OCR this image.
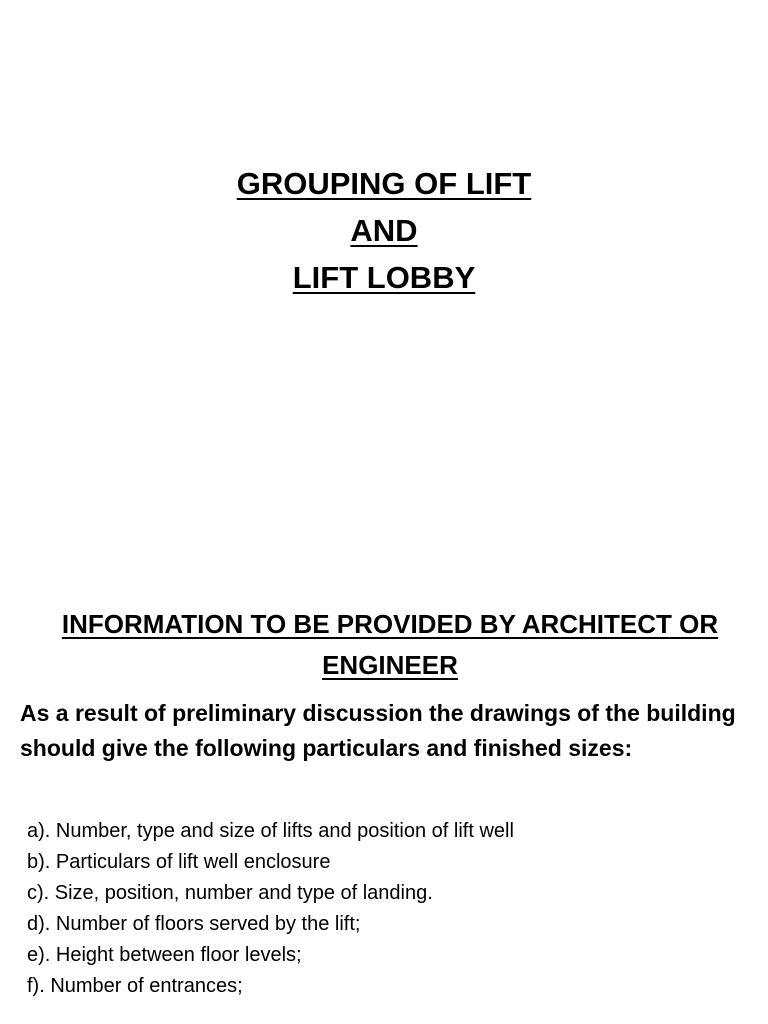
GROUPING OF LIFT
AND
LIFT LOBBY
INFORMATION TO BE PROVIDED BY ARCHITECT OR ENGINEER

As a result of preliminary discussion the drawings of the building should give the following particulars and finished sizes:

a). Number, type and size of lifts and position of lift well
b). Particulars of lift well enclosure
c). Size, position, number and type of landing.
d). Number of floors served by the lift;
e). Height between floor levels;
f). Number of entrances;
